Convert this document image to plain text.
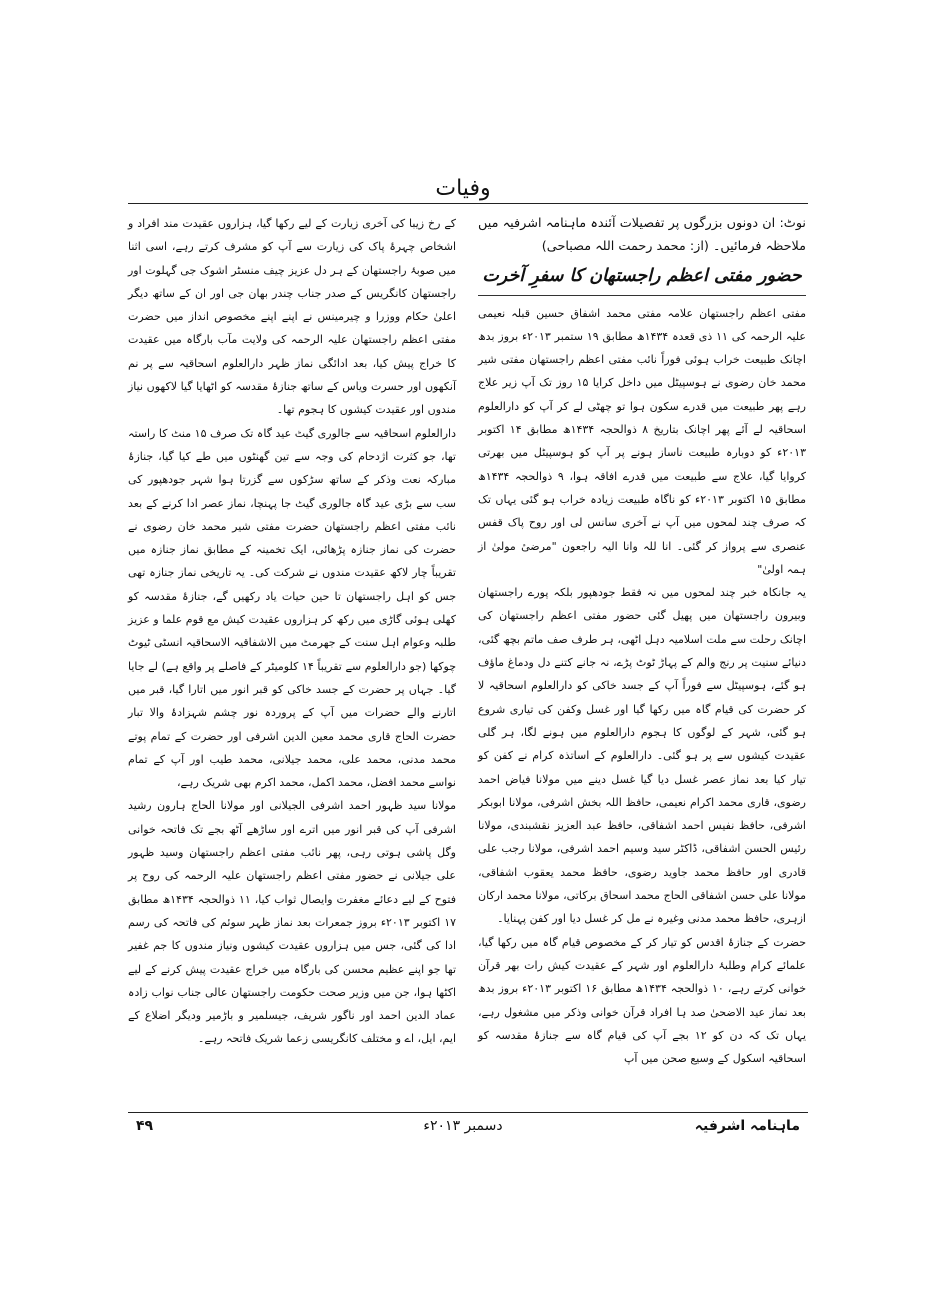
وفیات

نوٹ: ان دونوں بزرگوں پر تفصیلات آئندہ ماہنامہ اشرفیہ میں ملاحظہ فرمائیں۔ (از: محمد رحمت اللہ مصباحی)

حضور مفتی اعظم راجستھان کا سفرِ آخرت

مفتی اعظم راجستھان علامہ مفتی محمد اشفاق حسین قبلہ نعیمی علیہ الرحمہ کی ۱۱ ذی قعدہ ۱۴۳۴ھ مطابق ۱۹ ستمبر ۲۰۱۳ء بروز بدھ اچانک طبیعت خراب ہوئی فوراً نائب مفتی اعظم راجستھان مفتی شیر محمد خان رضوی نے ہوسپیٹل میں داخل کرایا ۱۵ روز تک آپ زیر علاج رہے پھر طبیعت میں قدرے سکون ہوا تو چھٹی لے کر آپ کو دارالعلوم اسحاقیہ لے آئے پھر اچانک بتاریخ ۸ ذوالحجہ ۱۴۳۴ھ مطابق ۱۴ اکتوبر ۲۰۱۳ء کو دوبارہ طبیعت ناساز ہونے پر آپ کو ہوسپیٹل میں بھرتی کروایا گیا، علاج سے طبیعت میں قدرے افاقہ ہوا، ۹ ذوالحجہ ۱۴۳۴ھ مطابق ۱۵ اکتوبر ۲۰۱۳ء کو ناگاہ طبیعت زیادہ خراب ہو گئی یہاں تک کہ صرف چند لمحوں میں آپ نے آخری سانس لی اور روح پاک قفس عنصری سے پرواز کر گئی۔ انا للہ وانا الیہ راجعون "مرضیٔ مولیٰ از ہمہ اولیٰ"

یہ جانکاہ خبر چند لمحوں میں نہ فقط جودھپور بلکہ پورے راجستھان وبیرون راجستھان میں پھیل گئی حضور مفتی اعظم راجستھان کی اچانک رحلت سے ملت اسلامیہ دہل اٹھی، ہر طرف صف ماتم بچھ گئی، دنیائے سنیت پر رنج والم کے پہاڑ ٹوٹ پڑے، نہ جانے کتنے دل ودماغ ماؤف ہو گئے، ہوسپیٹل سے فوراً آپ کے جسد خاکی کو دارالعلوم اسحاقیہ لا کر حضرت کی قیام گاہ میں رکھا گیا اور غسل وکفن کی تیاری شروع ہو گئی، شہر کے لوگوں کا ہجوم دارالعلوم میں ہونے لگا، ہر گلی عقیدت کیشوں سے پر ہو گئی۔ دارالعلوم کے اساتذہ کرام نے کفن کو تیار کیا بعد نماز عصر غسل دیا گیا غسل دینے میں مولانا فیاض احمد رضوی، قاری محمد اکرام نعیمی، حافظ اللہ بخش اشرفی، مولانا ابوبکر اشرفی، حافظ نفیس احمد اشفاقی، حافظ عبد العزیز نقشبندی، مولانا رئیس الحسن اشفاقی، ڈاکٹر سید وسیم احمد اشرفی، مولانا رجب علی قادری اور حافظ محمد جاوید رضوی، حافظ محمد یعقوب اشفاقی، مولانا علی حسن اشفاقی الحاج محمد اسحاق برکاتی، مولانا محمد ارکان ازہری، حافظ محمد مدنی وغیرہ نے مل کر غسل دیا اور کفن پہنایا۔

حضرت کے جنازۂ اقدس کو تیار کر کے مخصوص قیام گاہ میں رکھا گیا، علمائے کرام وطلبۂ دارالعلوم اور شہر کے عقیدت کیش رات بھر قرآن خوانی کرتے رہے، ۱۰ ذوالحجہ ۱۴۳۴ھ مطابق ۱۶ اکتوبر ۲۰۱۳ء بروز بدھ بعد نماز عید الاضحیٰ صد ہا افراد قرآن خوانی وذکر میں مشغول رہے، یہاں تک کہ دن کو ۱۲ بجے آپ کی قیام گاہ سے جنازۂ مقدسہ کو اسحاقیہ اسکول کے وسیع صحن میں آپ

کے رخ زیبا کی آخری زیارت کے لیے رکھا گیا، ہزاروں عقیدت مند افراد و اشخاص چہرۂ پاک کی زیارت سے آپ کو مشرف کرتے رہے، اسی اثنا میں صوبۂ راجستھان کے ہر دل عزیز چیف منسٹر اشوک جی گہلوت اور راجستھان کانگریس کے صدر جناب چندر بھان جی اور ان کے ساتھ دیگر اعلیٰ حکام ووزرا و چیرمینس نے اپنے اپنے مخصوص انداز میں حضرت مفتی اعظم راجستھان علیہ الرحمہ کی ولایت مآب بارگاہ میں عقیدت کا خراج پیش کیا، بعد ادائگی نماز ظہر دارالعلوم اسحاقیہ سے پر نم آنکھوں اور حسرت ویاس کے ساتھ جنازۂ مقدسہ کو اٹھایا گیا لاکھوں نیاز مندوں اور عقیدت کیشوں کا ہجوم تھا۔

دارالعلوم اسحاقیہ سے جالوری گیٹ عید گاہ تک صرف ۱۵ منٹ کا راستہ تھا، جو کثرت اژدحام کی وجہ سے تین گھنٹوں میں طے کیا گیا، جنازۂ مبارکہ نعت وذکر کے ساتھ سڑکوں سے گزرتا ہوا شہر جودھپور کی سب سے بڑی عید گاہ جالوری گیٹ جا پہنچا، نماز عصر ادا کرنے کے بعد نائب مفتی اعظم راجستھان حضرت مفتی شیر محمد خان رضوی نے حضرت کی نماز جنازہ پڑھائی، ایک تخمینہ کے مطابق نماز جنازہ میں تقریباً چار لاکھ عقیدت مندوں نے شرکت کی۔ یہ تاریخی نماز جنازہ تھی جس کو اہل راجستھان تا حین حیات یاد رکھیں گے، جنازۂ مقدسہ کو کھلی ہوئی گاڑی میں رکھ کر ہزاروں عقیدت کیش مع قوم علما و عزیز طلبہ وعوام اہل سنت کے جھرمٹ میں الاشفاقیہ الاسحاقیہ انسٹی ٹیوٹ چوکھا (جو دارالعلوم سے تقریباً ۱۴ کلومیٹر کے فاصلے پر واقع ہے) لے جایا گیا۔ جہاں پر حضرت کے جسد خاکی کو قبر انور میں اتارا گیا، قبر میں اتارنے والے حضرات میں آپ کے پروردہ نور چشم شہزادۂ والا تبار حضرت الحاج قاری محمد معین الدین اشرفی اور حضرت کے تمام پوتے محمد مدنی، محمد علی، محمد جیلانی، محمد طیب اور آپ کے تمام نواسے محمد افضل، محمد اکمل، محمد اکرم بھی شریک رہے،

مولانا سید ظہور احمد اشرفی الجیلانی اور مولانا الحاج ہارون رشید اشرفی آپ کی قبر انور میں اترے اور ساڑھے آٹھ بجے تک فاتحہ خوانی وگل پاشی ہوتی رہی، پھر نائب مفتی اعظم راجستھان وسید ظہور علی جیلانی نے حضور مفتی اعظم راجستھان علیہ الرحمہ کی روح پر فتوح کے لیے دعائے مغفرت وایصال ثواب کیا، ۱۱ ذوالحجہ ۱۴۳۴ھ مطابق ۱۷ اکتوبر ۲۰۱۳ء بروز جمعرات بعد نماز ظہر سوئم کی فاتحہ کی رسم ادا کی گئی، جس میں ہزاروں عقیدت کیشوں ونیاز مندوں کا جم غفیر تھا جو اپنے عظیم محسن کی بارگاہ میں خراج عقیدت پیش کرنے کے لیے اکٹھا ہوا، جن میں وزیر صحت حکومت راجستھان عالی جناب نواب زادہ عماد الدین احمد اور ناگور شریف، جیسلمیر و باڑمیر ودیگر اضلاع کے ایم، ایل، اے و مختلف کانگریسی زعما شریک فاتحہ رہے۔

ماہنامہ اشرفیہ
دسمبر ۲۰۱۳ء
۴۹
